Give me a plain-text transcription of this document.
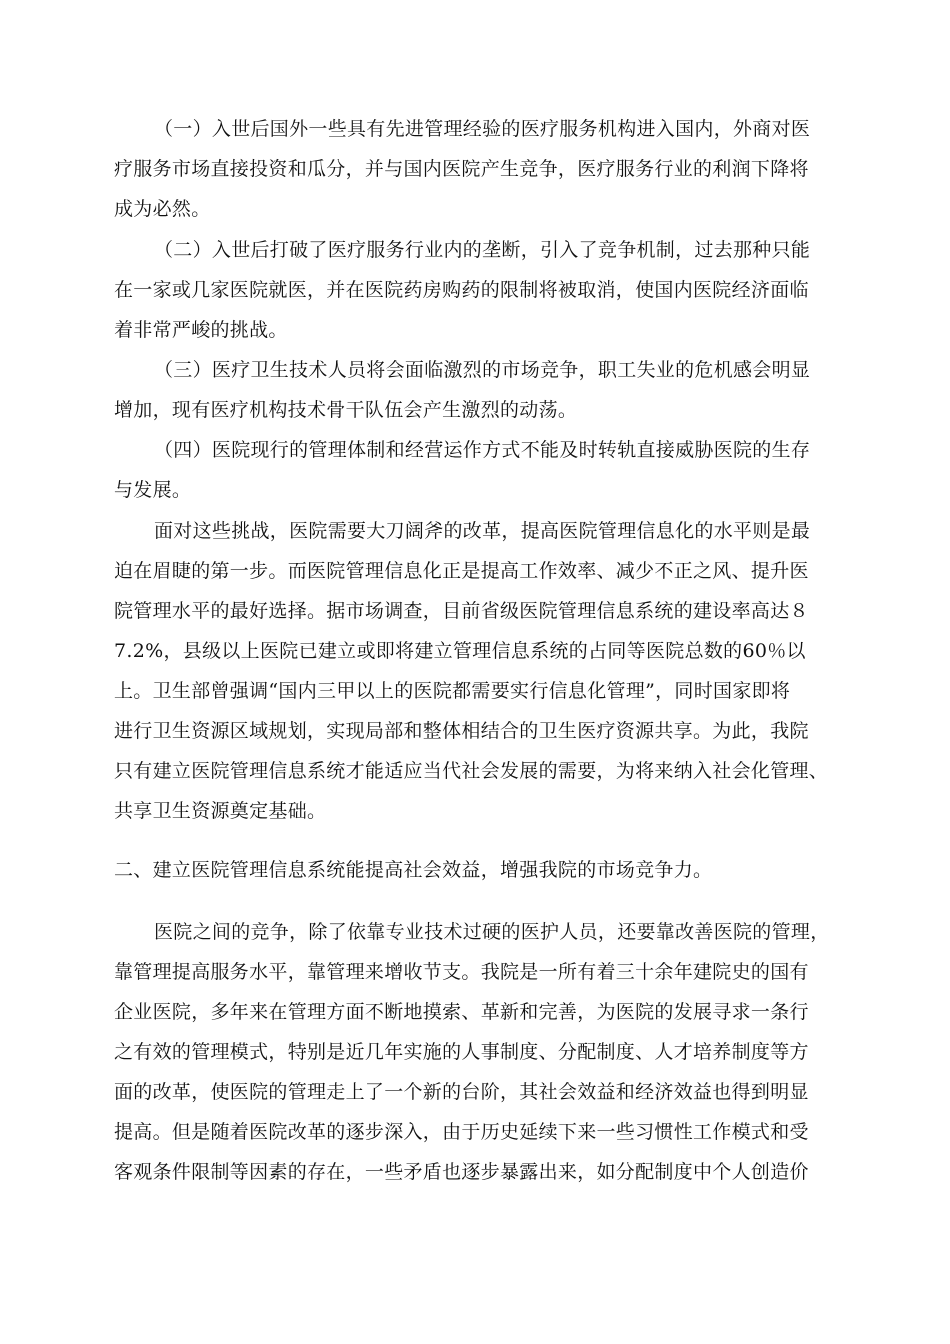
（一）入世后国外一些具有先进管理经验的医疗服务机构进入国内，外商对医
疗服务市场直接投资和瓜分，并与国内医院产生竞争，医疗服务行业的利润下降将
成为必然。
（二）入世后打破了医疗服务行业内的垄断，引入了竞争机制，过去那种只能
在一家或几家医院就医，并在医院药房购药的限制将被取消，使国内医院经济面临
着非常严峻的挑战。
（三）医疗卫生技术人员将会面临激烈的市场竞争，职工失业的危机感会明显
增加，现有医疗机构技术骨干队伍会产生激烈的动荡。
（四）医院现行的管理体制和经营运作方式不能及时转轨直接威胁医院的生存
与发展。
面对这些挑战，医院需要大刀阔斧的改革，提高医院管理信息化的水平则是最
迫在眉睫的第一步。而医院管理信息化正是提高工作效率、减少不正之风、提升医
院管理水平的最好选择。据市场调查，目前省级医院管理信息系统的建设率高达８
7.2%，县级以上医院已建立或即将建立管理信息系统的占同等医院总数的60％以
上。卫生部曾强调“国内三甲以上的医院都需要实行信息化管理”，同时国家即将
进行卫生资源区域规划，实现局部和整体相结合的卫生医疗资源共享。为此，我院
只有建立医院管理信息系统才能适应当代社会发展的需要，为将来纳入社会化管理、
共享卫生资源奠定基础。
二、建立医院管理信息系统能提高社会效益，增强我院的市场竞争力。
医院之间的竞争，除了依靠专业技术过硬的医护人员，还要靠改善医院的管理，
靠管理提高服务水平，靠管理来增收节支。我院是一所有着三十余年建院史的国有
企业医院，多年来在管理方面不断地摸索、革新和完善，为医院的发展寻求一条行
之有效的管理模式，特别是近几年实施的人事制度、分配制度、人才培养制度等方
面的改革，使医院的管理走上了一个新的台阶，其社会效益和经济效益也得到明显
提高。但是随着医院改革的逐步深入，由于历史延续下来一些习惯性工作模式和受
客观条件限制等因素的存在，一些矛盾也逐步暴露出来，如分配制度中个人创造价
